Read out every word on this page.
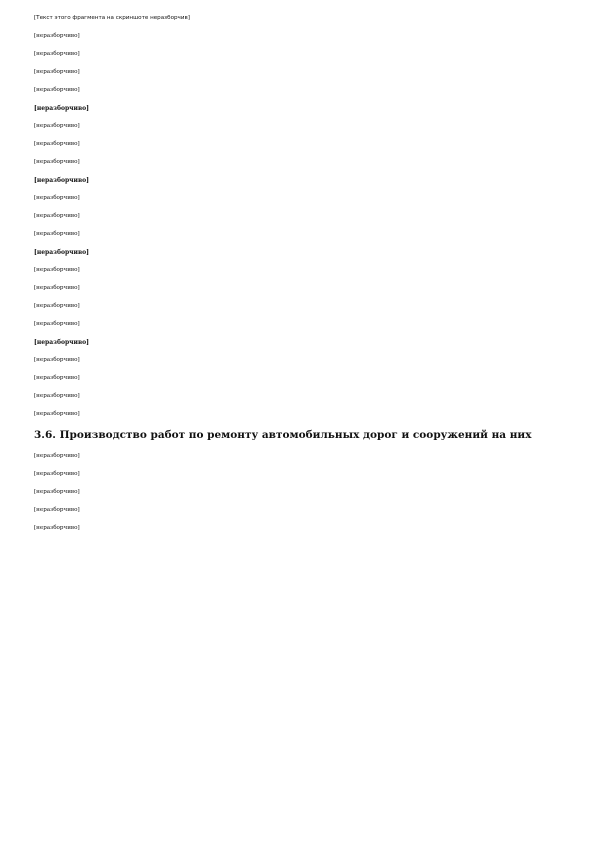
[Текст этого фрагмента на скриншоте неразборчив]

[неразборчиво]

[неразборчиво]

[неразборчиво]

[неразборчиво]

[неразборчиво]

[неразборчиво]

[неразборчиво]

[неразборчиво]

[неразборчиво]

[неразборчиво]

[неразборчиво]

[неразборчиво]

[неразборчиво]

[неразборчиво]

[неразборчиво]

[неразборчиво]

[неразборчиво]

[неразборчиво]

[неразборчиво]

[неразборчиво]

[неразборчиво]

[неразборчиво]

3.6. Производство работ по ремонту автомобильных дорог и сооружений на них

[неразборчиво]

[неразборчиво]

[неразборчиво]

[неразборчиво]

[неразборчиво]
